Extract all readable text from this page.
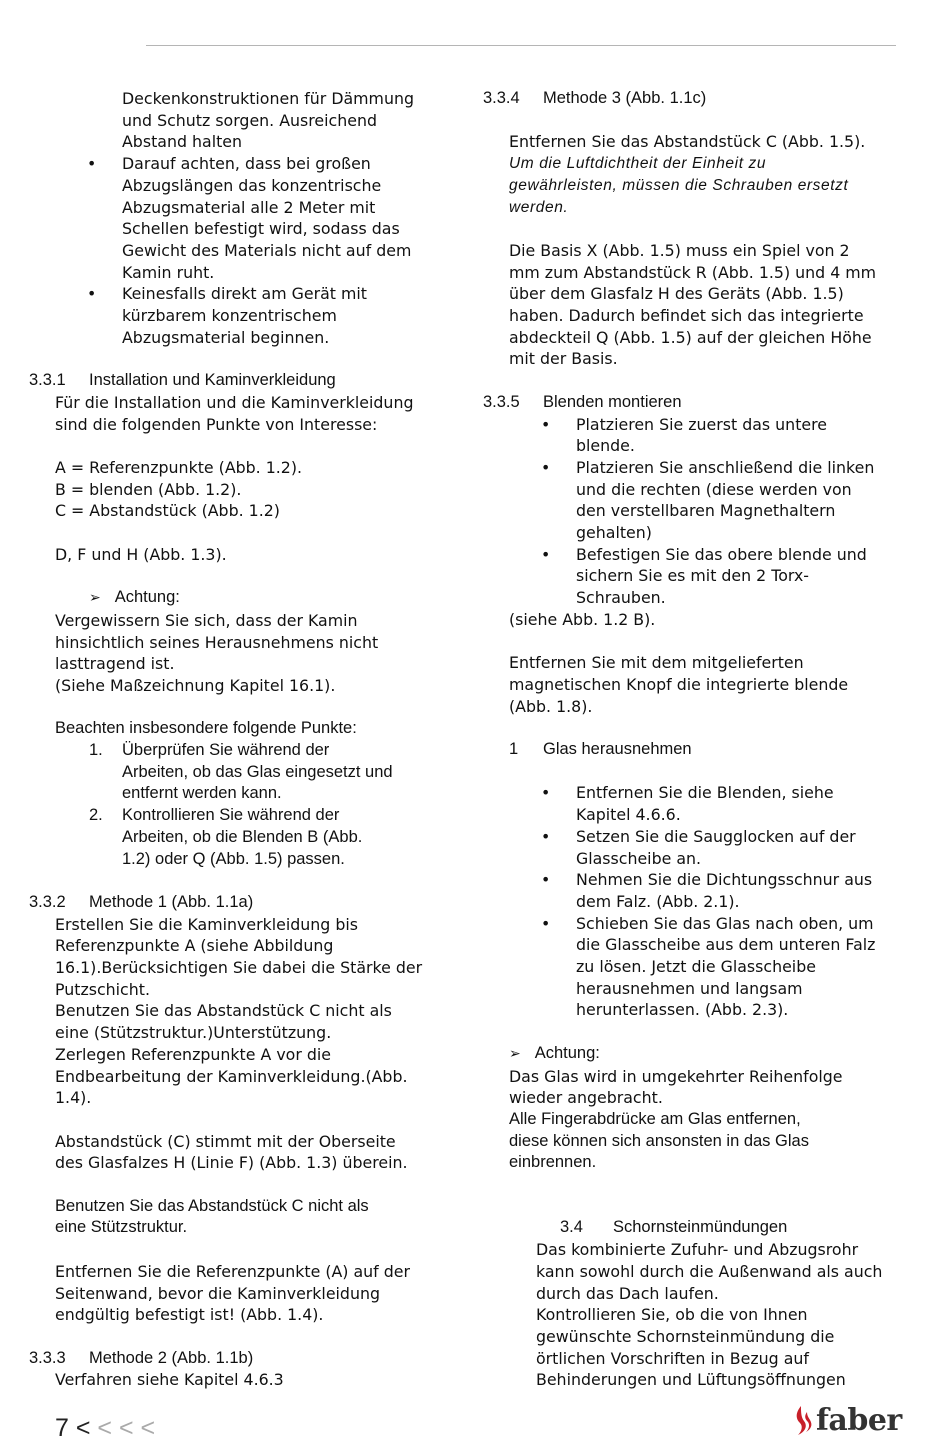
Deckenkonstruktionen für Dämmung

und Schutz sorgen. Ausreichend

Abstand halten

• Darauf achten, dass bei großen

Abzugslängen das konzentrische

Abzugsmaterial alle 2 Meter mit

Schellen befestigt wird, sodass das

Gewicht des Materials nicht auf dem

Kamin ruht.

• Keinesfalls direkt am Gerät mit

kürzbarem konzentrischem

Abzugsmaterial beginnen.

3.3.1 Installation und Kaminverkleidung

Für die Installation und die Kaminverkleidung

sind die folgenden Punkte von Interesse:

A = Referenzpunkte (Abb. 1.2).

B = blenden (Abb. 1.2).

C = Abstandstück (Abb. 1.2)

D, F und H (Abb. 1.3).

➢ Achtung:

Vergewissern Sie sich, dass der Kamin

hinsichtlich seines Herausnehmens nicht

lasttragend ist.

(Siehe Maßzeichnung Kapitel 16.1).

Beachten insbesondere folgende Punkte:

1. Überprüfen Sie während der

Arbeiten, ob das Glas eingesetzt und

entfernt werden kann.

2. Kontrollieren Sie während der

Arbeiten, ob die Blenden B (Abb.

1.2) oder Q (Abb. 1.5) passen.

3.3.2 Methode 1 (Abb. 1.1a)

Erstellen Sie die Kaminverkleidung bis

Referenzpunkte A (siehe Abbildung

16.1).Berücksichtigen Sie dabei die Stärke der

Putzschicht.

Benutzen Sie das Abstandstück C nicht als

eine (Stützstruktur.)Unterstützung.

Zerlegen Referenzpunkte A vor die

Endbearbeitung der Kaminverkleidung.(Abb.

1.4).

Abstandstück (C) stimmt mit der Oberseite

des Glasfalzes H (Linie F) (Abb. 1.3) überein.

Benutzen Sie das Abstandstück C nicht als

eine Stützstruktur.

Entfernen Sie die Referenzpunkte (A) auf der

Seitenwand, bevor die Kaminverkleidung

endgültig befestigt ist! (Abb. 1.4).

3.3.3 Methode 2 (Abb. 1.1b)

Verfahren siehe Kapitel 4.6.3

3.3.4 Methode 3 (Abb. 1.1c)

Entfernen Sie das Abstandstück C (Abb. 1.5).

Um die Luftdichtheit der Einheit zu

gewährleisten, müssen die Schrauben ersetzt

werden.

Die Basis X (Abb. 1.5) muss ein Spiel von 2

mm zum Abstandstück R (Abb. 1.5) und 4 mm

über dem Glasfalz H des Geräts (Abb. 1.5)

haben. Dadurch befindet sich das integrierte

abdeckteil Q (Abb. 1.5) auf der gleichen Höhe

mit der Basis.

3.3.5 Blenden montieren
• Platzieren Sie zuerst das untere

blende.

• Platzieren Sie anschließend die linken

und die rechten (diese werden von

den verstellbaren Magnethaltern

gehalten)

• Befestigen Sie das obere blende und

sichern Sie es mit den 2 Torx-

Schrauben.

(siehe Abb. 1.2 B).

Entfernen Sie mit dem mitgelieferten

magnetischen Knopf die integrierte blende

(Abb. 1.8).

1 Glas herausnehmen
• Entfernen Sie die Blenden, siehe

Kapitel 4.6.6.

• Setzen Sie die Saugglocken auf der

Glasscheibe an.

• Nehmen Sie die Dichtungsschnur aus

dem Falz. (Abb. 2.1).

• Schieben Sie das Glas nach oben, um

die Glasscheibe aus dem unteren Falz

zu lösen. Jetzt die Glasscheibe

herausnehmen und langsam

herunterlassen. (Abb. 2.3).

➢ Achtung:

Das Glas wird in umgekehrter Reihenfolge

wieder angebracht.

Alle Fingerabdrücke am Glas entfernen,

diese können sich ansonsten in das Glas

einbrennen.

3.4 Schornsteinmündungen

Das kombinierte Zufuhr- und Abzugsrohr

kann sowohl durch die Außenwand als auch

durch das Dach laufen.

Kontrollieren Sie, ob die von Ihnen

gewünschte Schornsteinmündung die

örtlichen Vorschriften in Bezug auf

Behinderungen und Lüftungsöffnungen

7 < < < <	faber
